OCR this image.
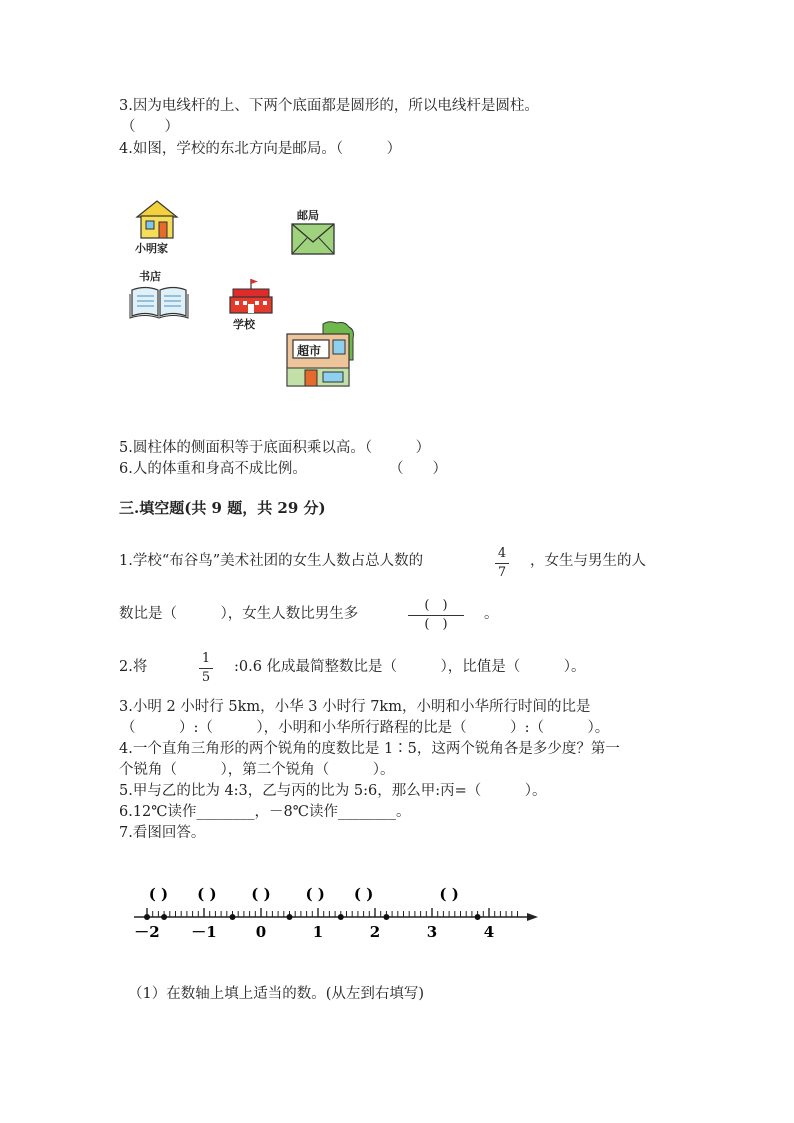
3.因为电线杆的上、下两个底面都是圆形的，所以电线杆是圆柱。
（　　）
4.如图，学校的东北方向是邮局。（　　　）
小明家
邮局
书店
学校
超市
5.圆柱体的侧面积等于底面积乘以高。（　　　）
6.人的体重和身高不成比例。	（　　）
三.填空题(共 9 题，共 29 分)
1.学校“布谷鸟”美术社团的女生人数占总人数的	4
7
，女生与男生的人
数比是（　　　），女生人数比男生多
(　)
(　)
。
2.将
1
5
:0.6 化成最简整数比是（　　　），比值是（　　　）。
3.小明 2 小时行 5km，小华 3 小时行 7km，小明和小华所行时间的比是
（　　　）:（　　　），小明和小华所行路程的比是（　　　）:（　　　）。
4.一个直角三角形的两个锐角的度数比是 1∶5，这两个锐角各是多少度？第一
个锐角（　　　），第二个锐角（　　　）。
5.甲与乙的比为 4:3，乙与丙的比为 5:6，那么甲:丙=（　　　）。
6.12℃读作________，－8℃读作________。
7.看图回答。
( ) ( ) ( ) ( ) ( )	( )
－2 －1	0	1	2	3	4
（1）在数轴上填上适当的数。(从左到右填写)
